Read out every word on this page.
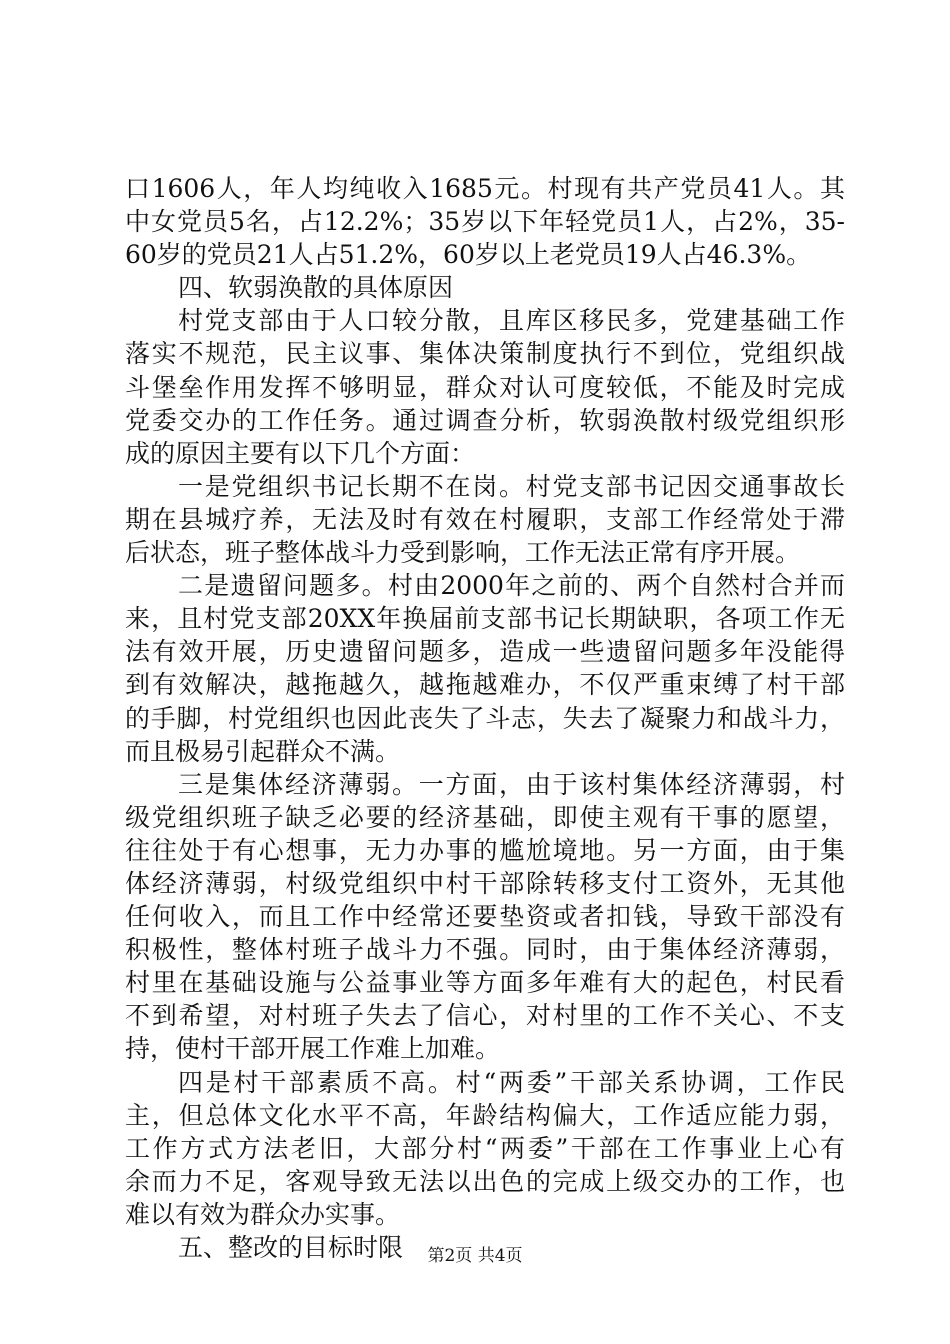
口1606人，年人均纯收入1685元。村现有共产党员41人。其
中女党员5名，占12.2%；35岁以下年轻党员1人，占2%，35-
60岁的党员21人占51.2%，60岁以上老党员19人占46.3%。
四、软弱涣散的具体原因
村党支部由于人口较分散，且库区移民多，党建基础工作
落实不规范，民主议事、集体决策制度执行不到位，党组织战
斗堡垒作用发挥不够明显，群众对认可度较低，不能及时完成
党委交办的工作任务。通过调查分析，软弱涣散村级党组织形
成的原因主要有以下几个方面：
一是党组织书记长期不在岗。村党支部书记因交通事故长
期在县城疗养，无法及时有效在村履职，支部工作经常处于滞
后状态，班子整体战斗力受到影响，工作无法正常有序开展。
二是遗留问题多。村由2000年之前的、两个自然村合并而
来，且村党支部20XX年换届前支部书记长期缺职，各项工作无
法有效开展，历史遗留问题多，造成一些遗留问题多年没能得
到有效解决，越拖越久，越拖越难办，不仅严重束缚了村干部
的手脚，村党组织也因此丧失了斗志，失去了凝聚力和战斗力，
而且极易引起群众不满。
三是集体经济薄弱。一方面，由于该村集体经济薄弱，村
级党组织班子缺乏必要的经济基础，即使主观有干事的愿望，
往往处于有心想事，无力办事的尴尬境地。另一方面，由于集
体经济薄弱，村级党组织中村干部除转移支付工资外，无其他
任何收入，而且工作中经常还要垫资或者扣钱，导致干部没有
积极性，整体村班子战斗力不强。同时，由于集体经济薄弱，
村里在基础设施与公益事业等方面多年难有大的起色，村民看
不到希望，对村班子失去了信心，对村里的工作不关心、不支
持，使村干部开展工作难上加难。
四是村干部素质不高。村“两委”干部关系协调，工作民
主，但总体文化水平不高，年龄结构偏大，工作适应能力弱，
工作方式方法老旧，大部分村“两委”干部在工作事业上心有
余而力不足，客观导致无法以出色的完成上级交办的工作，也
难以有效为群众办实事。
五、整改的目标时限	第2页 共4页
